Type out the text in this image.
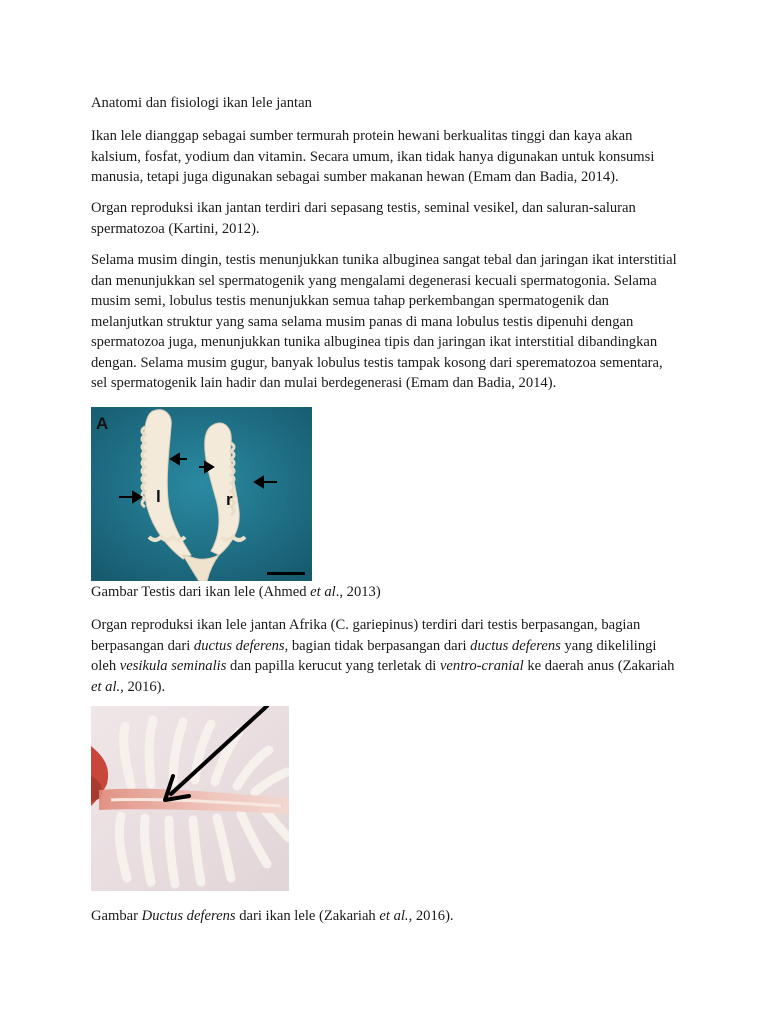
Anatomi dan fisiologi ikan lele jantan

Ikan lele dianggap sebagai sumber termurah protein hewani berkualitas tinggi dan kaya akan kalsium, fosfat, yodium dan vitamin. Secara umum, ikan tidak hanya digunakan untuk konsumsi manusia, tetapi juga digunakan sebagai sumber makanan hewan (Emam dan Badia, 2014).

Organ reproduksi ikan jantan terdiri dari sepasang testis, seminal vesikel, dan saluran-saluran spermatozoa (Kartini, 2012).

Selama musim dingin, testis menunjukkan tunika albuginea sangat tebal dan jaringan ikat interstitial dan menunjukkan sel spermatogenik yang mengalami degenerasi kecuali spermatogonia. Selama musim semi, lobulus testis menunjukkan semua tahap perkembangan spermatogenik dan melanjutkan struktur yang sama selama musim panas di mana lobulus testis dipenuhi dengan spermatozoa juga, menunjukkan tunika albuginea tipis dan jaringan ikat interstitial dibandingkan dengan. Selama musim gugur, banyak lobulus testis tampak kosong dari sperematozoa sementara, sel spermatogenik lain hadir dan mulai berdegenerasi (Emam dan Badia, 2014).

A
l	r

Gambar Testis dari ikan lele (Ahmed et al., 2013)

Organ reproduksi ikan lele jantan Afrika (C. gariepinus) terdiri dari testis berpasangan, bagian berpasangan dari ductus deferens, bagian tidak berpasangan dari ductus deferens yang dikelilingi oleh vesikula seminalis dan papilla kerucut yang terletak di ventro-cranial ke daerah anus (Zakariah et al., 2016).

Gambar Ductus deferens dari ikan lele (Zakariah et al., 2016).
